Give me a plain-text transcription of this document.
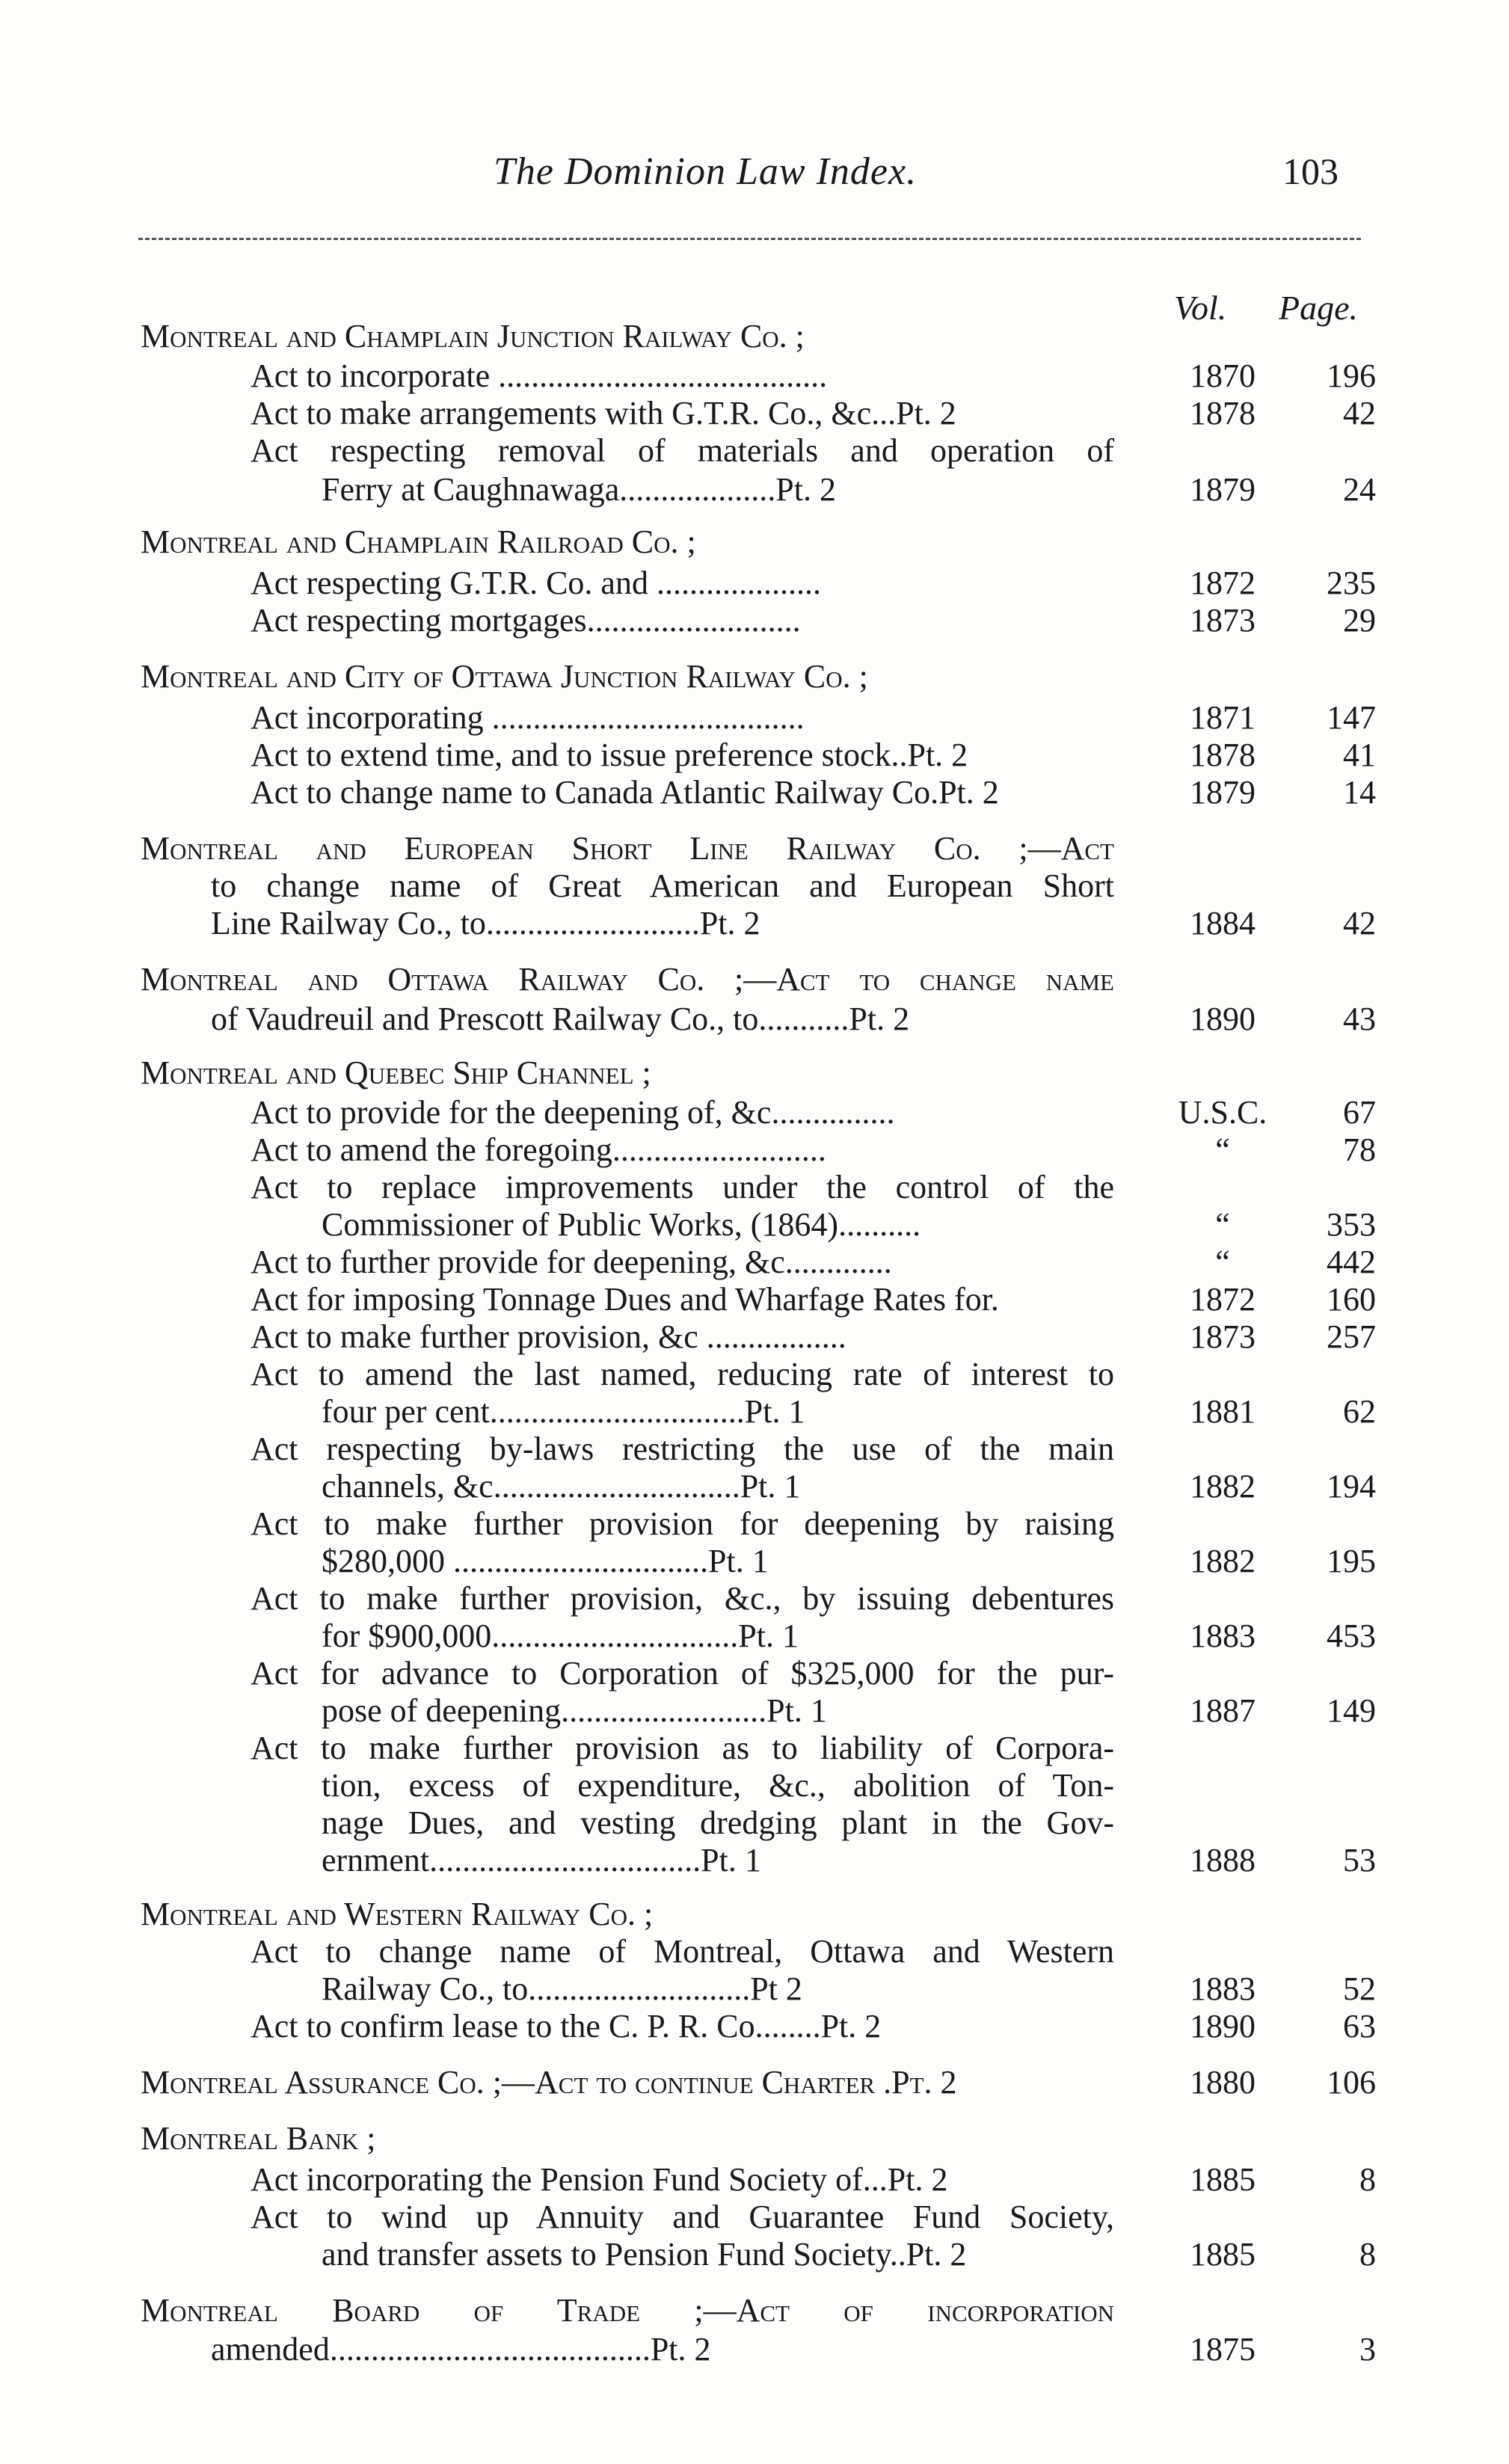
The Dominion Law Index.	103
Vol. Page.
Montreal and Champlain Junction Railway Co. ;
Act to incorporate ........................................	1870	196
Act to make arrangements with G.T.R. Co., &c...Pt. 2	1878	42
Act respecting removal of materials and operation of
Ferry at Caughnawaga...................Pt. 2	1879	24
Montreal and Champlain Railroad Co. ;
Act respecting G.T.R. Co. and ....................	1872	235
Act respecting mortgages..........................	1873	29
Montreal and City of Ottawa Junction Railway Co. ;
Act incorporating ......................................	1871	147
Act to extend time, and to issue preference stock..Pt. 2	1878	41
Act to change name to Canada Atlantic Railway Co.Pt. 2	1879	14
Montreal and European Short Line Railway Co. ;—Act
to change name of Great American and European Short
Line Railway Co., to..........................Pt. 2	1884	42
Montreal and Ottawa Railway Co. ;—Act to change name
of Vaudreuil and Prescott Railway Co., to...........Pt. 2	1890	43
Montreal and Quebec Ship Channel ;
Act to provide for the deepening of, &c...............	U.S.C.	67
Act to amend the foregoing..........................	“	78
Act to replace improvements under the control of the
Commissioner of Public Works, (1864)..........	“	353
Act to further provide for deepening, &c.............	“	442
Act for imposing Tonnage Dues and Wharfage Rates for.	1872	160
Act to make further provision, &c .................	1873	257
Act to amend the last named, reducing rate of interest to
four per cent...............................Pt. 1	1881	62
Act respecting by-laws restricting the use of the main
channels, &c..............................Pt. 1	1882	194
Act to make further provision for deepening by raising
$280,000 ...............................Pt. 1	1882	195
Act to make further provision, &c., by issuing debentures
for $900,000..............................Pt. 1	1883	453
Act for advance to Corporation of $325,000 for the pur-
pose of deepening.........................Pt. 1	1887	149
Act to make further provision as to liability of Corpora-
tion, excess of expenditure, &c., abolition of Ton-
nage Dues, and vesting dredging plant in the Gov-
ernment.................................Pt. 1	1888	53
Montreal and Western Railway Co. ;
Act to change name of Montreal, Ottawa and Western
Railway Co., to...........................Pt 2	1883	52
Act to confirm lease to the C. P. R. Co........Pt. 2	1890	63
Montreal Assurance Co. ;—Act to continue Charter .Pt. 2	1880	106
Montreal Bank ;
Act incorporating the Pension Fund Society of...Pt. 2	1885	8
Act to wind up Annuity and Guarantee Fund Society,
and transfer assets to Pension Fund Society..Pt. 2	1885	8
Montreal Board of Trade ;—Act of incorporation
amended.......................................Pt. 2	1875	3
